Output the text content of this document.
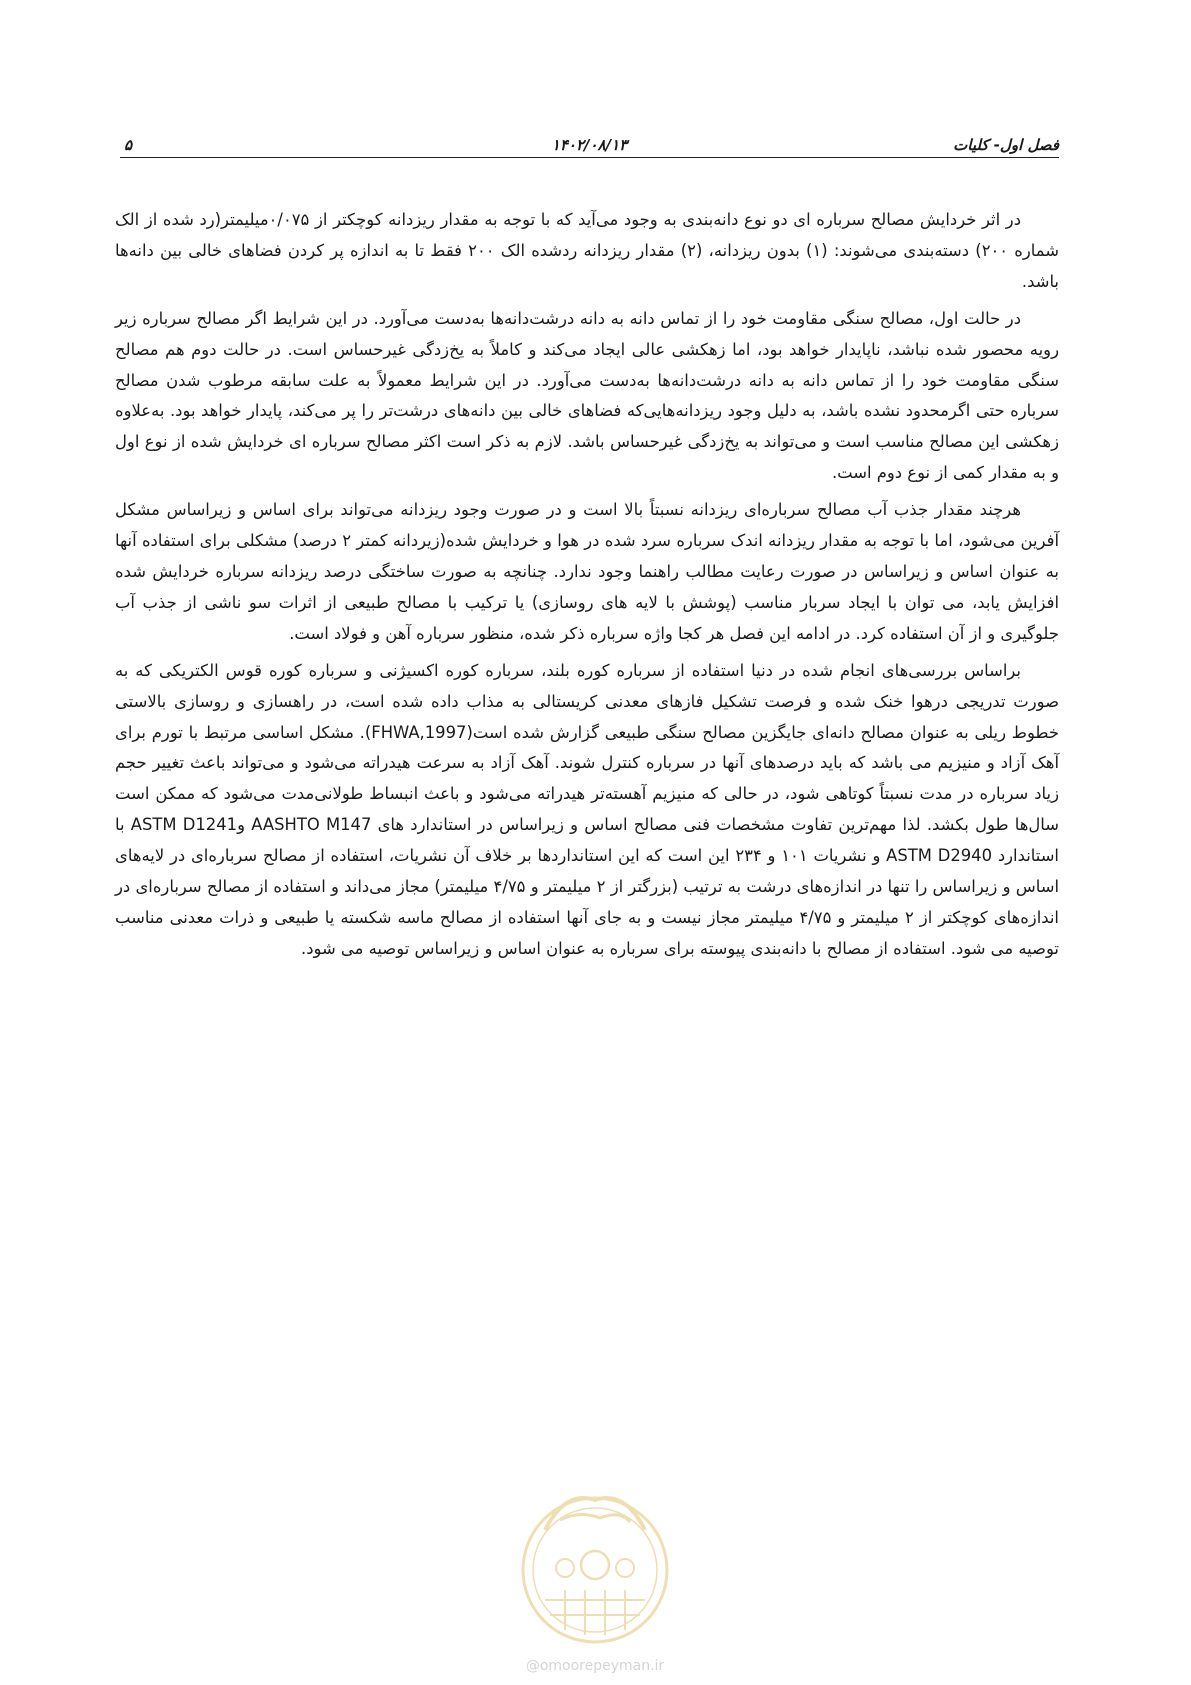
فصل اول- کلیات
۱۴۰۲/۰۸/۱۳
۵

در اثر خردایش مصالح سرباره ای دو نوع دانه‌بندی به وجود می‌آید که با توجه به مقدار ریزدانه کوچکتر از ۰/۰۷۵میلیمتر(رد شده از الک شماره ۲۰۰) دسته‌بندی می‌شوند: (۱) بدون ریزدانه، (۲) مقدار ریزدانه ردشده الک ۲۰۰ فقط تا به اندازه پر کردن فضاهای خالی بین دانه‌ها باشد.

در حالت اول، مصالح سنگی مقاومت خود را از تماس دانه به دانه درشت‌دانه‌ها به‌دست می‌آورد. در این شرایط اگر مصالح سرباره زیر رویه محصور شده نباشد، ناپایدار خواهد بود، اما زهکشی عالی ایجاد می‌کند و کاملاً به یخ‌زدگی غیرحساس است. در حالت دوم هم مصالح سنگی مقاومت خود را از تماس دانه به دانه درشت‌دانه‌ها به‌دست می‌آورد. در این شرایط معمولاً به علت سابقه مرطوب شدن مصالح سرباره حتی اگرمحدود نشده باشد، به دلیل وجود ریزدانه‌هایی‌که فضاهای خالی بین دانه‌های درشت‌تر را پر می‌کند، پایدار خواهد بود. به‌علاوه زهکشی این مصالح مناسب است و می‌تواند به یخ‌زدگی غیرحساس باشد. لازم به ذکر است اکثر مصالح سرباره ای خردایش شده از نوع اول و به مقدار کمی از نوع دوم است.

هرچند مقدار جذب آب مصالح سرباره‌ای ریزدانه نسبتاً بالا است و در صورت وجود ریزدانه می‌تواند برای اساس و زیراساس مشکل آفرین می‌شود، اما با توجه به مقدار ریزدانه اندک سرباره سرد شده در هوا و خردایش شده(زیردانه کمتر ۲ درصد) مشکلی برای استفاده آنها به عنوان اساس و زیراساس در صورت رعایت مطالب راهنما وجود ندارد. چنانچه به صورت ساختگی درصد ریزدانه سرباره خردایش شده افزایش یابد، می توان با ایجاد سربار مناسب (پوشش با لایه های روسازی) یا ترکیب با مصالح طبیعی از اثرات سو ناشی از جذب آب جلوگیری و از آن استفاده کرد. در ادامه این فصل هر کجا واژه سرباره ذکر شده، منظور سرباره آهن و فولاد است.

براساس بررسی‌های انجام شده در دنیا استفاده از سرباره کوره بلند، سرباره کوره اکسیژنی و سرباره کوره قوس الکتریکی که به صورت تدریجی درهوا خنک شده و فرصت تشکیل فازهای معدنی کریستالی به مذاب داده شده است، در راهسازی و روسازی بالاستی خطوط ریلی به عنوان مصالح دانه‌ای جایگزین مصالح سنگی طبیعی گزارش شده است(FHWA,1997). مشکل اساسی مرتبط با تورم برای آهک آزاد و منیزیم می باشد که باید درصدهای آنها در سرباره کنترل شوند. آهک آزاد به سرعت هیدراته می‌شود و می‌تواند باعث تغییر حجم زیاد سرباره در مدت نسبتاً کوتاهی شود، در حالی که منیزیم آهسته‌تر هیدراته می‌شود و باعث انبساط طولانی‌مدت می‌شود که ممکن است سال‌ها طول بکشد. لذا مهم‌ترین تفاوت مشخصات فنی مصالح اساس و زیراساس در استاندارد های AASHTO M147 وASTM D1241 با استاندارد ASTM D2940 و نشریات ۱۰۱ و ۲۳۴ این است که این استانداردها بر خلاف آن نشریات، استفاده از مصالح سرباره‌ای در لایه‌های اساس و زیراساس را تنها در اندازه‌های درشت به ترتیب (بزرگتر از ۲ میلیمتر و ۴/۷۵ میلیمتر) مجاز می‌داند و استفاده از مصالح سرباره‌ای در اندازه‌های کوچکتر از ۲ میلیمتر و ۴/۷۵ میلیمتر مجاز نیست و به جای آنها استفاده از مصالح ماسه شکسته یا طبیعی و ذرات معدنی مناسب توصیه می شود. استفاده از مصالح با دانه‌بندی پیوسته برای سرباره به عنوان اساس و زیراساس توصیه می شود.

@omoorepeyman.ir
